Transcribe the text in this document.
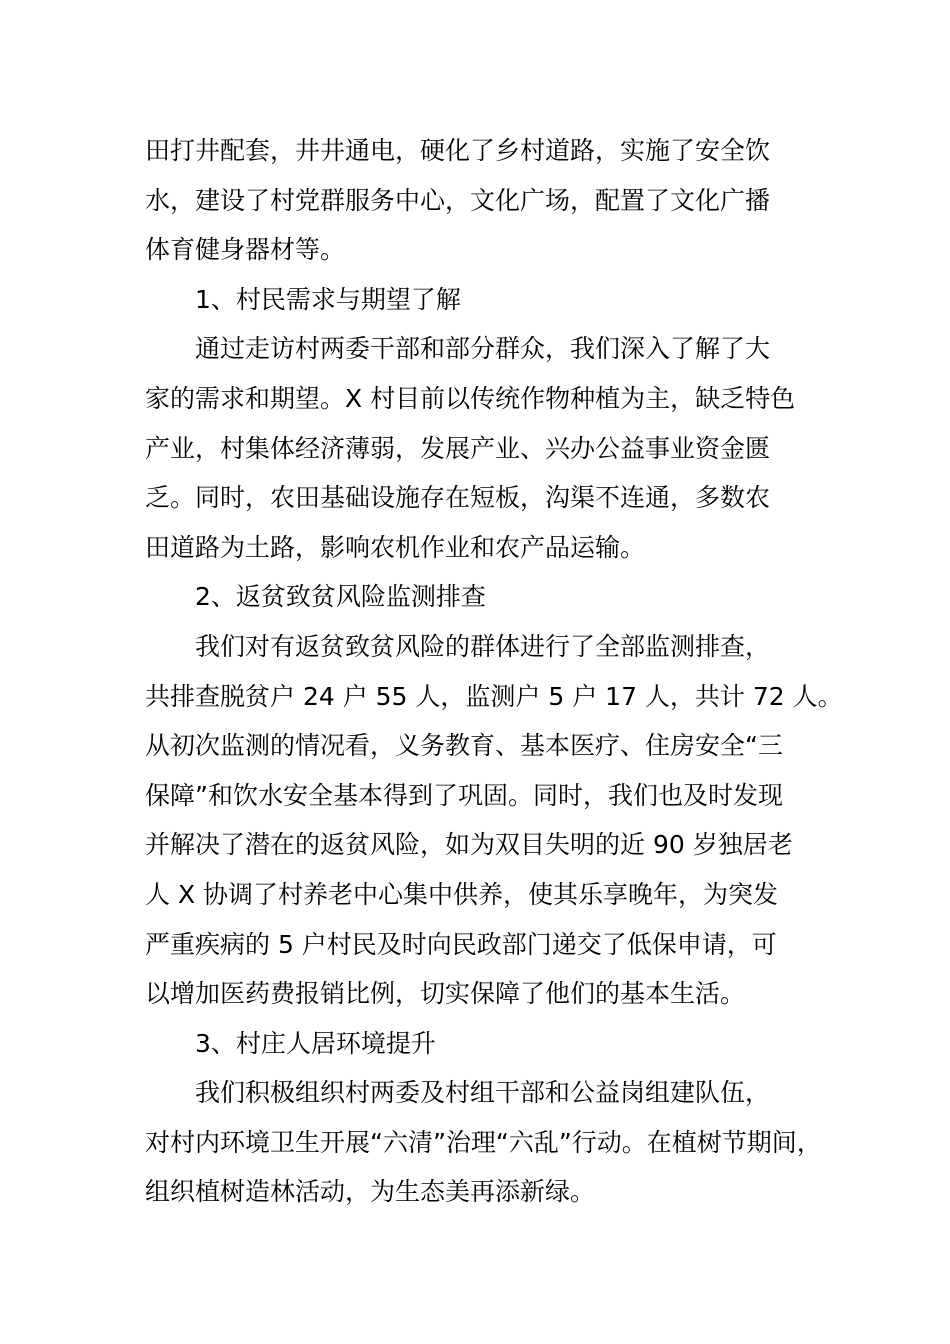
田打井配套，井井通电，硬化了乡村道路，实施了安全饮
水，建设了村党群服务中心，文化广场，配置了文化广播
体育健身器材等。
1、村民需求与期望了解
通过走访村两委干部和部分群众，我们深入了解了大
家的需求和期望。X 村目前以传统作物种植为主，缺乏特色
产业，村集体经济薄弱，发展产业、兴办公益事业资金匮
乏。同时，农田基础设施存在短板，沟渠不连通，多数农
田道路为土路，影响农机作业和农产品运输。
2、返贫致贫风险监测排查
我们对有返贫致贫风险的群体进行了全部监测排查，
共排查脱贫户 24 户 55 人，监测户 5 户 17 人，共计 72 人。
从初次监测的情况看，义务教育、基本医疗、住房安全“三
保障”和饮水安全基本得到了巩固。同时，我们也及时发现
并解决了潜在的返贫风险，如为双目失明的近 90 岁独居老
人 X 协调了村养老中心集中供养，使其乐享晚年，为突发
严重疾病的 5 户村民及时向民政部门递交了低保申请，可
以增加医药费报销比例，切实保障了他们的基本生活。
3、村庄人居环境提升
我们积极组织村两委及村组干部和公益岗组建队伍，
对村内环境卫生开展“六清”治理“六乱”行动。在植树节期间，
组织植树造林活动，为生态美再添新绿。
